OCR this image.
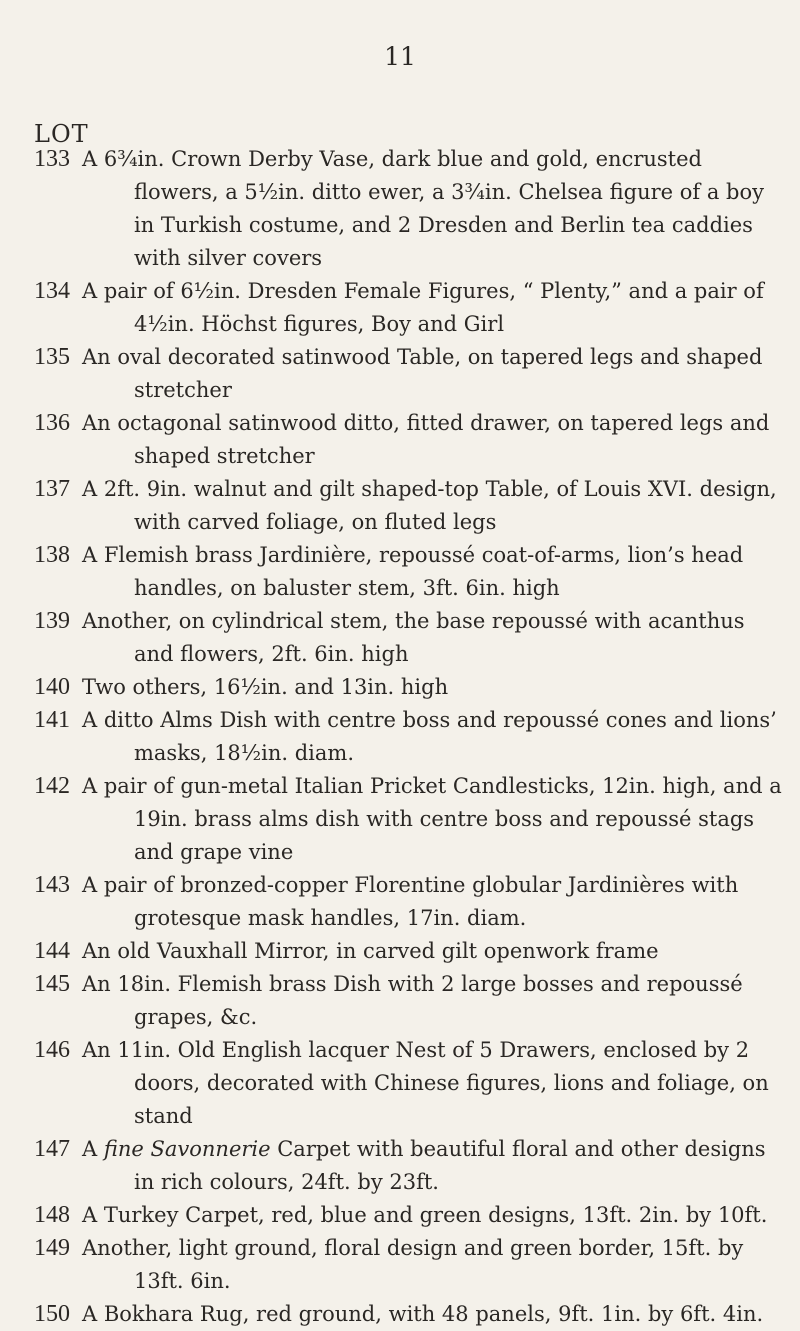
11
LOT
133 A 6¾in. Crown Derby Vase, dark blue and gold, encrusted flowers, a 5½in. ditto ewer, a 3¾in. Chelsea figure of a boy in Turkish costume, and 2 Dresden and Berlin tea caddies with silver covers
134 A pair of 6½in. Dresden Female Figures, “ Plenty,” and a pair of 4½in. Höchst figures, Boy and Girl
135 An oval decorated satinwood Table, on tapered legs and shaped stretcher
136 An octagonal satinwood ditto, fitted drawer, on tapered legs and shaped stretcher
137 A 2ft. 9in. walnut and gilt shaped-top Table, of Louis XVI. design, with carved foliage, on fluted legs
138 A Flemish brass Jardinière, repoussé coat-of-arms, lion’s head handles, on baluster stem, 3ft. 6in. high
139 Another, on cylindrical stem, the base repoussé with acanthus and flowers, 2ft. 6in. high
140 Two others, 16½in. and 13in. high
141 A ditto Alms Dish with centre boss and repoussé cones and lions’ masks, 18½in. diam.
142 A pair of gun-metal Italian Pricket Candlesticks, 12in. high, and a 19in. brass alms dish with centre boss and repoussé stags and grape vine
143 A pair of bronzed-copper Florentine globular Jardinières with grotesque mask handles, 17in. diam.
144 An old Vauxhall Mirror, in carved gilt openwork frame
145 An 18in. Flemish brass Dish with 2 large bosses and repoussé grapes, &c.
146 An 11in. Old English lacquer Nest of 5 Drawers, enclosed by 2 doors, decorated with Chinese figures, lions and foliage, on stand
147 A fine Savonnerie Carpet with beautiful floral and other designs in rich colours, 24ft. by 23ft.
148 A Turkey Carpet, red, blue and green designs, 13ft. 2in. by 10ft.
149 Another, light ground, floral design and green border, 15ft. by 13ft. 6in.
150 A Bokhara Rug, red ground, with 48 panels, 9ft. 1in. by 6ft. 4in.
